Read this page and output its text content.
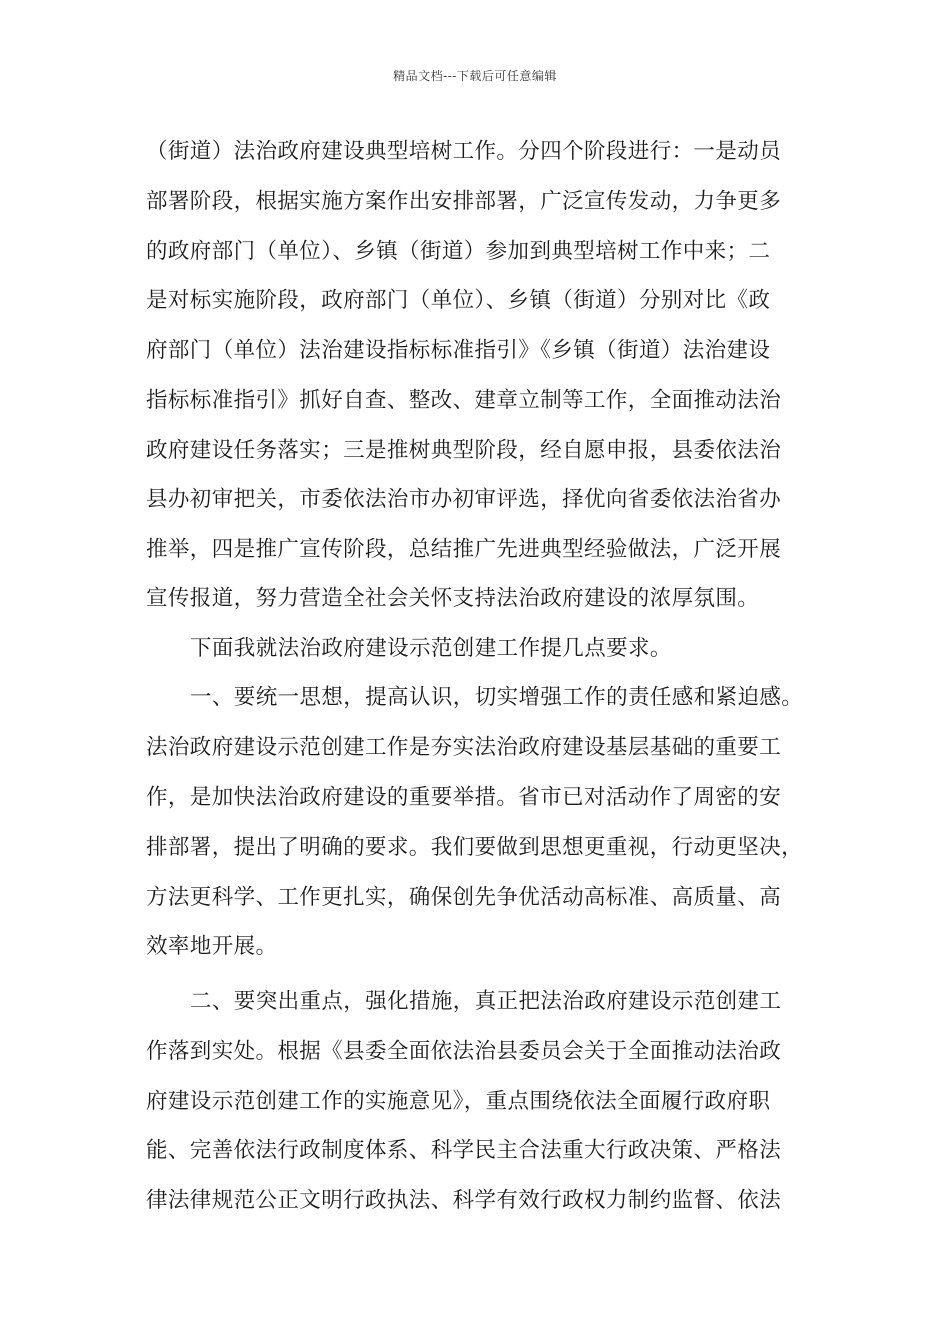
精品文档---下载后可任意编辑
（街道）法治政府建设典型培树工作。分四个阶段进行：一是动员
部署阶段，根据实施方案作出安排部署，广泛宣传发动，力争更多
的政府部门（单位）、乡镇（街道）参加到典型培树工作中来；二
是对标实施阶段，政府部门（单位）、乡镇（街道）分别对比《政
府部门（单位）法治建设指标标准指引》《乡镇（街道）法治建设
指标标准指引》抓好自查、整改、建章立制等工作，全面推动法治
政府建设任务落实；三是推树典型阶段，经自愿申报，县委依法治
县办初审把关，市委依法治市办初审评选，择优向省委依法治省办
推举，四是推广宣传阶段，总结推广先进典型经验做法，广泛开展
宣传报道，努力营造全社会关怀支持法治政府建设的浓厚氛围。
下面我就法治政府建设示范创建工作提几点要求。
一、要统一思想，提高认识，切实增强工作的责任感和紧迫感。
法治政府建设示范创建工作是夯实法治政府建设基层基础的重要工
作，是加快法治政府建设的重要举措。省市已对活动作了周密的安
排部署，提出了明确的要求。我们要做到思想更重视，行动更坚决，
方法更科学、工作更扎实，确保创先争优活动高标准、高质量、高
效率地开展。
二、要突出重点，强化措施，真正把法治政府建设示范创建工
作落到实处。根据《县委全面依法治县委员会关于全面推动法治政
府建设示范创建工作的实施意见》，重点围绕依法全面履行政府职
能、完善依法行政制度体系、科学民主合法重大行政决策、严格法
律法律规范公正文明行政执法、科学有效行政权力制约监督、依法
